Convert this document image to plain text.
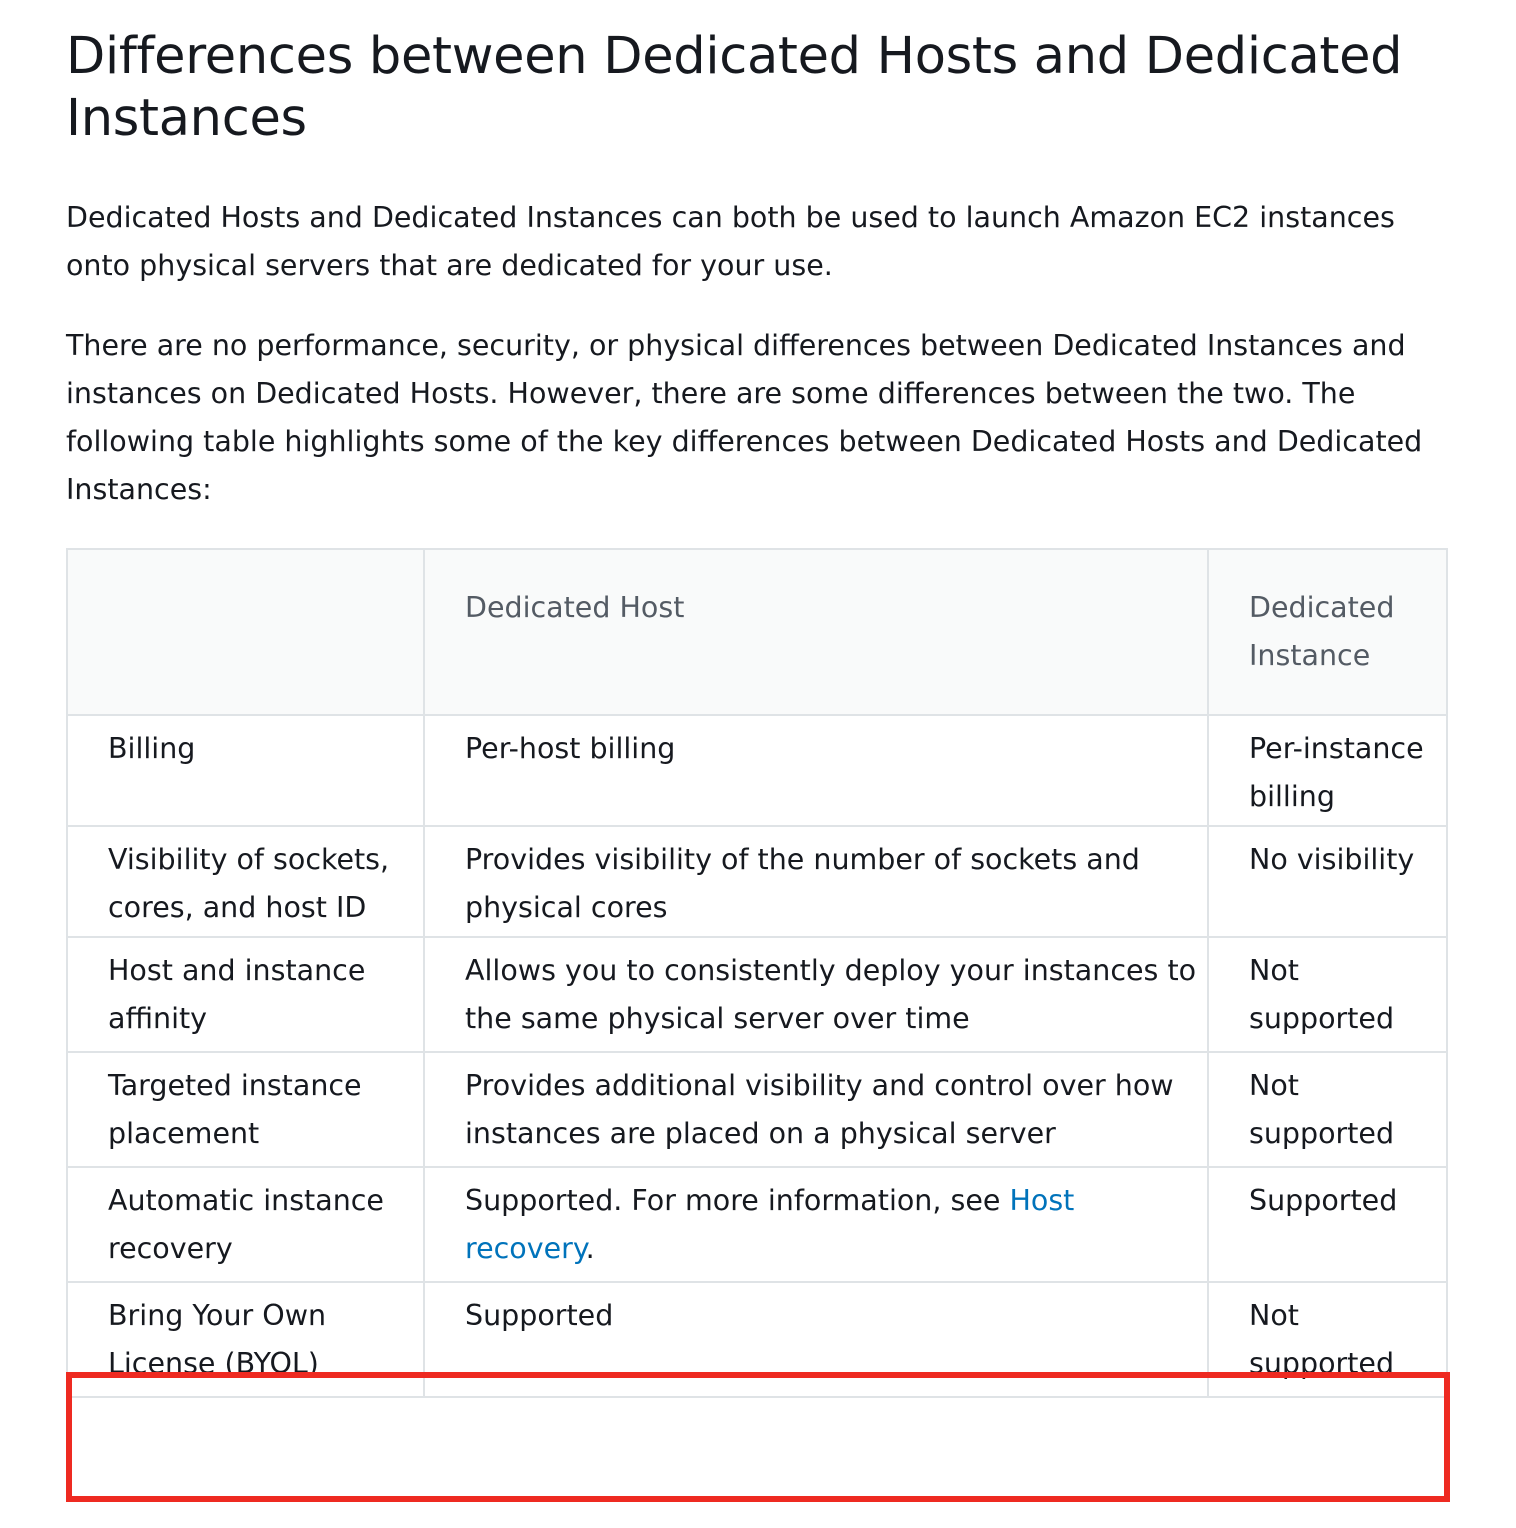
Differences between Dedicated Hosts and Dedicated Instances

Dedicated Hosts and Dedicated Instances can both be used to launch Amazon EC2 instances onto physical servers that are dedicated for your use.

There are no performance, security, or physical differences between Dedicated Instances and instances on Dedicated Hosts. However, there are some differences between the two. The following table highlights some of the key differences between Dedicated Hosts and Dedicated Instances:

	Dedicated Host	Dedicated Instance
Billing	Per-host billing	Per-instance billing
Visibility of sockets, cores, and host ID	Provides visibility of the number of sockets and physical cores	No visibility
Host and instance affinity	Allows you to consistently deploy your instances to the same physical server over time	Not supported
Targeted instance placement	Provides additional visibility and control over how instances are placed on a physical server	Not supported
Automatic instance recovery	Supported. For more information, see Host recovery.	Supported
Bring Your Own License (BYOL)	Supported	Not supported
